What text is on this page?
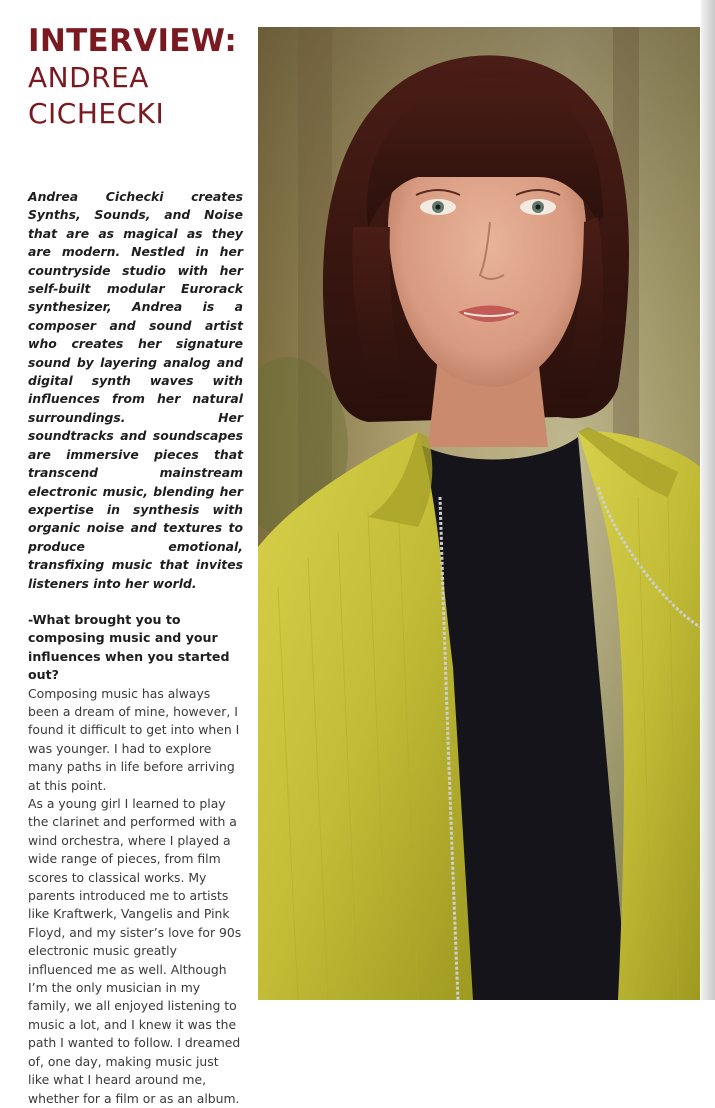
INTERVIEW:
ANDREA
CICHECKI

Andrea Cichecki creates Synths, Sounds, and Noise that are as magical as they are modern. Nestled in her countryside studio with her self-built modular Eurorack synthesizer, Andrea is a composer and sound artist who creates her signature sound by layering analog and digital synth waves with influences from her natural surroundings. Her soundtracks and soundscapes are immersive pieces that transcend mainstream electronic music, blending her expertise in synthesis with organic noise and textures to produce emotional, transfixing music that invites listeners into her world.

-What brought you to composing music and your influences when you started out?

Composing music has always been a dream of mine, however, I found it difficult to get into when I was younger. I had to explore many paths in life before arriving at this point.

As a young girl I learned to play the clarinet and performed with a wind orchestra, where I played a wide range of pieces, from film scores to classical works. My parents introduced me to artists like Kraftwerk, Vangelis and Pink Floyd, and my sister’s love for 90s electronic music greatly influenced me as well. Although I’m the only musician in my family, we all enjoyed listening to music a lot, and I knew it was the path I wanted to follow. I dreamed of, one day, making music just like what I heard around me, whether for a film or as an album.
